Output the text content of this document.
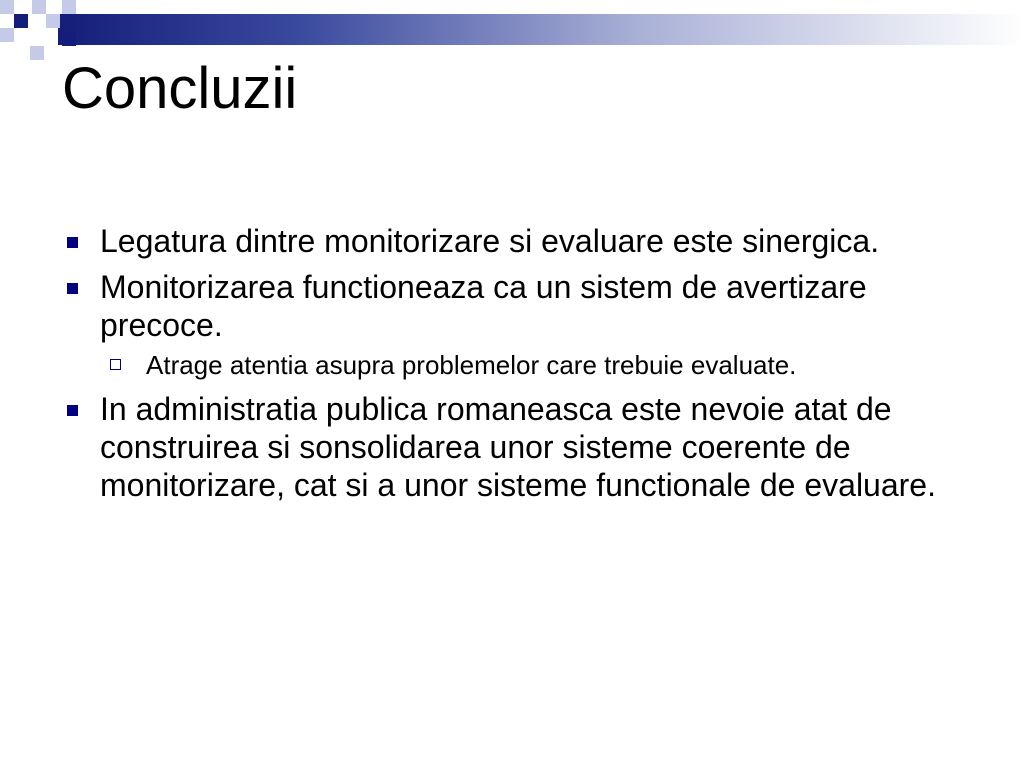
Concluzii
Legatura dintre monitorizare si evaluare este sinergica.
Monitorizarea functioneaza ca un sistem de avertizare precoce.
Atrage atentia asupra problemelor care trebuie evaluate.
In administratia publica romaneasca este nevoie atat de construirea si sonsolidarea unor sisteme coerente de monitorizare, cat si a unor sisteme functionale de evaluare.
